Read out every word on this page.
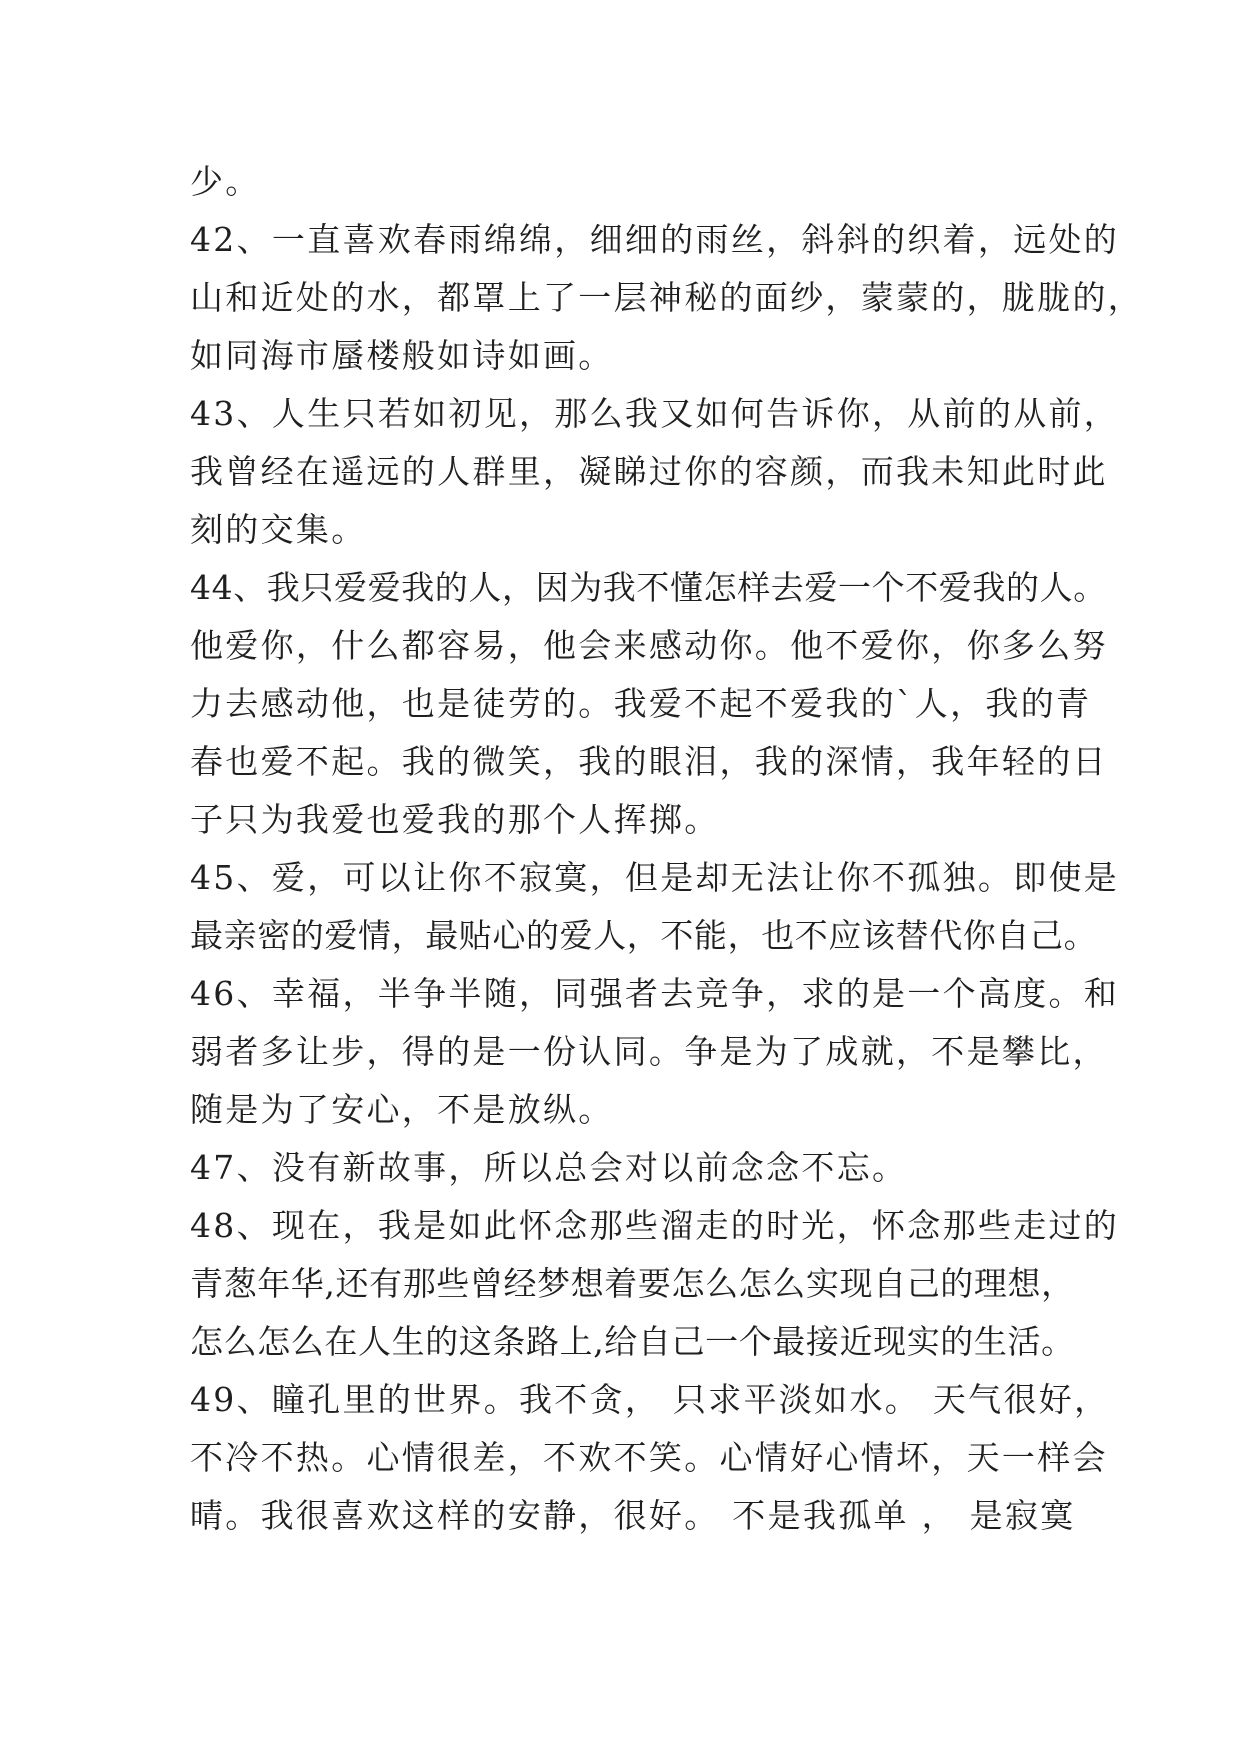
少。
42、一直喜欢春雨绵绵，细细的雨丝，斜斜的织着，远处的
山和近处的水，都罩上了一层神秘的面纱，蒙蒙的，胧胧的，
如同海市蜃楼般如诗如画。
43、人生只若如初见，那么我又如何告诉你，从前的从前，
我曾经在遥远的人群里，凝睇过你的容颜，而我未知此时此
刻的交集。
44、我只爱爱我的人，因为我不懂怎样去爱一个不爱我的人。
他爱你，什么都容易，他会来感动你。他不爱你，你多么努
力去感动他，也是徒劳的。我爱不起不爱我的`人，我的青
春也爱不起。我的微笑，我的眼泪，我的深情，我年轻的日
子只为我爱也爱我的那个人挥掷。
45、爱，可以让你不寂寞，但是却无法让你不孤独。即使是
最亲密的爱情，最贴心的爱人，不能，也不应该替代你自己。
46、幸福，半争半随，同强者去竞争，求的是一个高度。和
弱者多让步，得的是一份认同。争是为了成就，不是攀比，
随是为了安心，不是放纵。
47、没有新故事，所以总会对以前念念不忘。
48、现在，我是如此怀念那些溜走的时光，怀念那些走过的
青葱年华,还有那些曾经梦想着要怎么怎么实现自己的理想，
怎么怎么在人生的这条路上,给自己一个最接近现实的生活。
49、瞳孔里的世界。我不贪， 只求平淡如水。 天气很好，
不冷不热。心情很差，不欢不笑。心情好心情坏，天一样会
晴。我很喜欢这样的安静，很好。 不是我孤单 ， 是寂寞
